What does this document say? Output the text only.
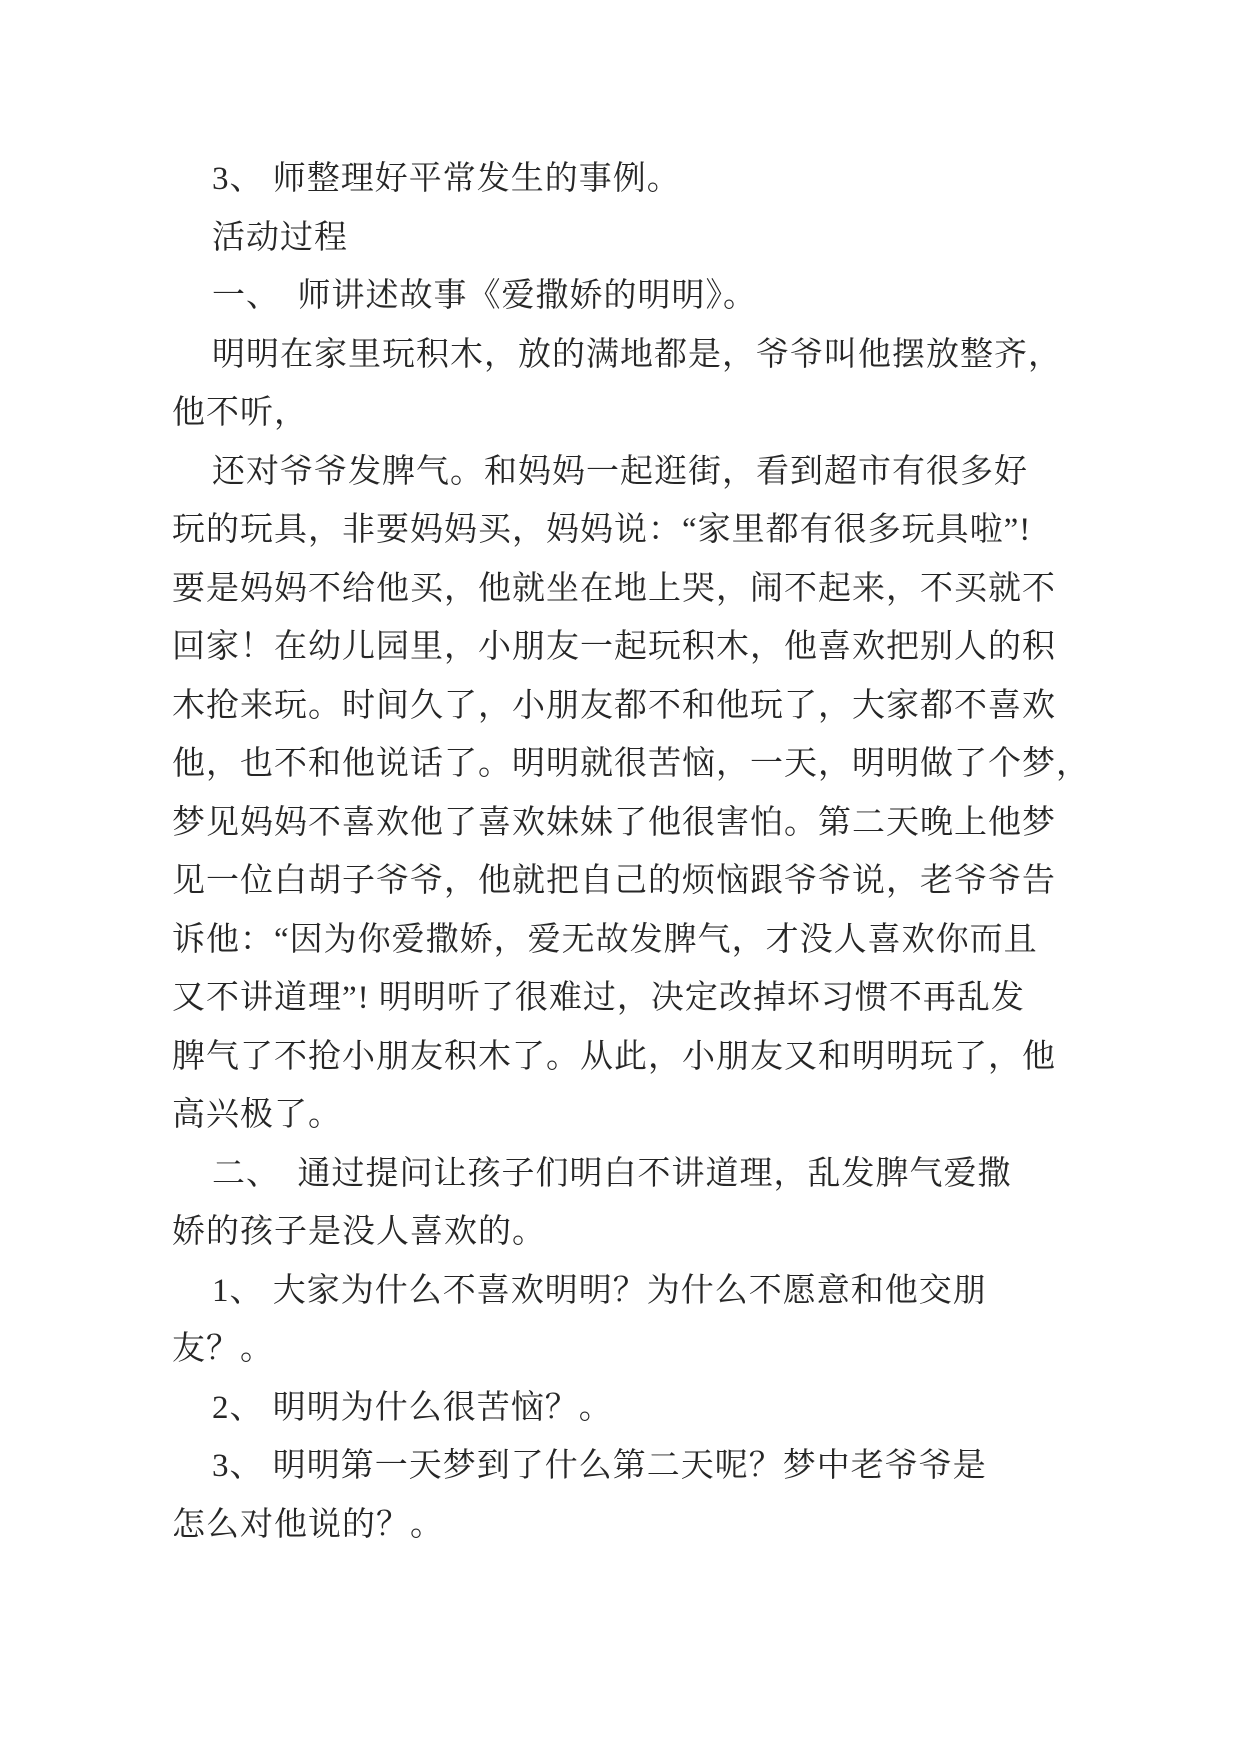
3、 师整理好平常发生的事例。
活动过程
一、　师讲述故事《爱撒娇的明明》。
明明在家里玩积木，放的满地都是，爷爷叫他摆放整齐，
他不听，
还对爷爷发脾气。和妈妈一起逛街，看到超市有很多好
玩的玩具，非要妈妈买，妈妈说：“家里都有很多玩具啦”!
要是妈妈不给他买，他就坐在地上哭，闹不起来，不买就不
回家！在幼儿园里，小朋友一起玩积木，他喜欢把别人的积
木抢来玩。时间久了，小朋友都不和他玩了，大家都不喜欢
他，也不和他说话了。明明就很苦恼，一天，明明做了个梦，
梦见妈妈不喜欢他了喜欢妹妹了他很害怕。第二天晚上他梦
见一位白胡子爷爷，他就把自己的烦恼跟爷爷说，老爷爷告
诉他：“因为你爱撒娇，爱无故发脾气，才没人喜欢你而且
又不讲道理”! 明明听了很难过，决定改掉坏习惯不再乱发
脾气了不抢小朋友积木了。从此，小朋友又和明明玩了，他
高兴极了。
二、　通过提问让孩子们明白不讲道理，乱发脾气爱撒
娇的孩子是没人喜欢的。
1、 大家为什么不喜欢明明？为什么不愿意和他交朋
友？。
2、 明明为什么很苦恼？。
3、 明明第一天梦到了什么第二天呢？梦中老爷爷是
怎么对他说的？。
